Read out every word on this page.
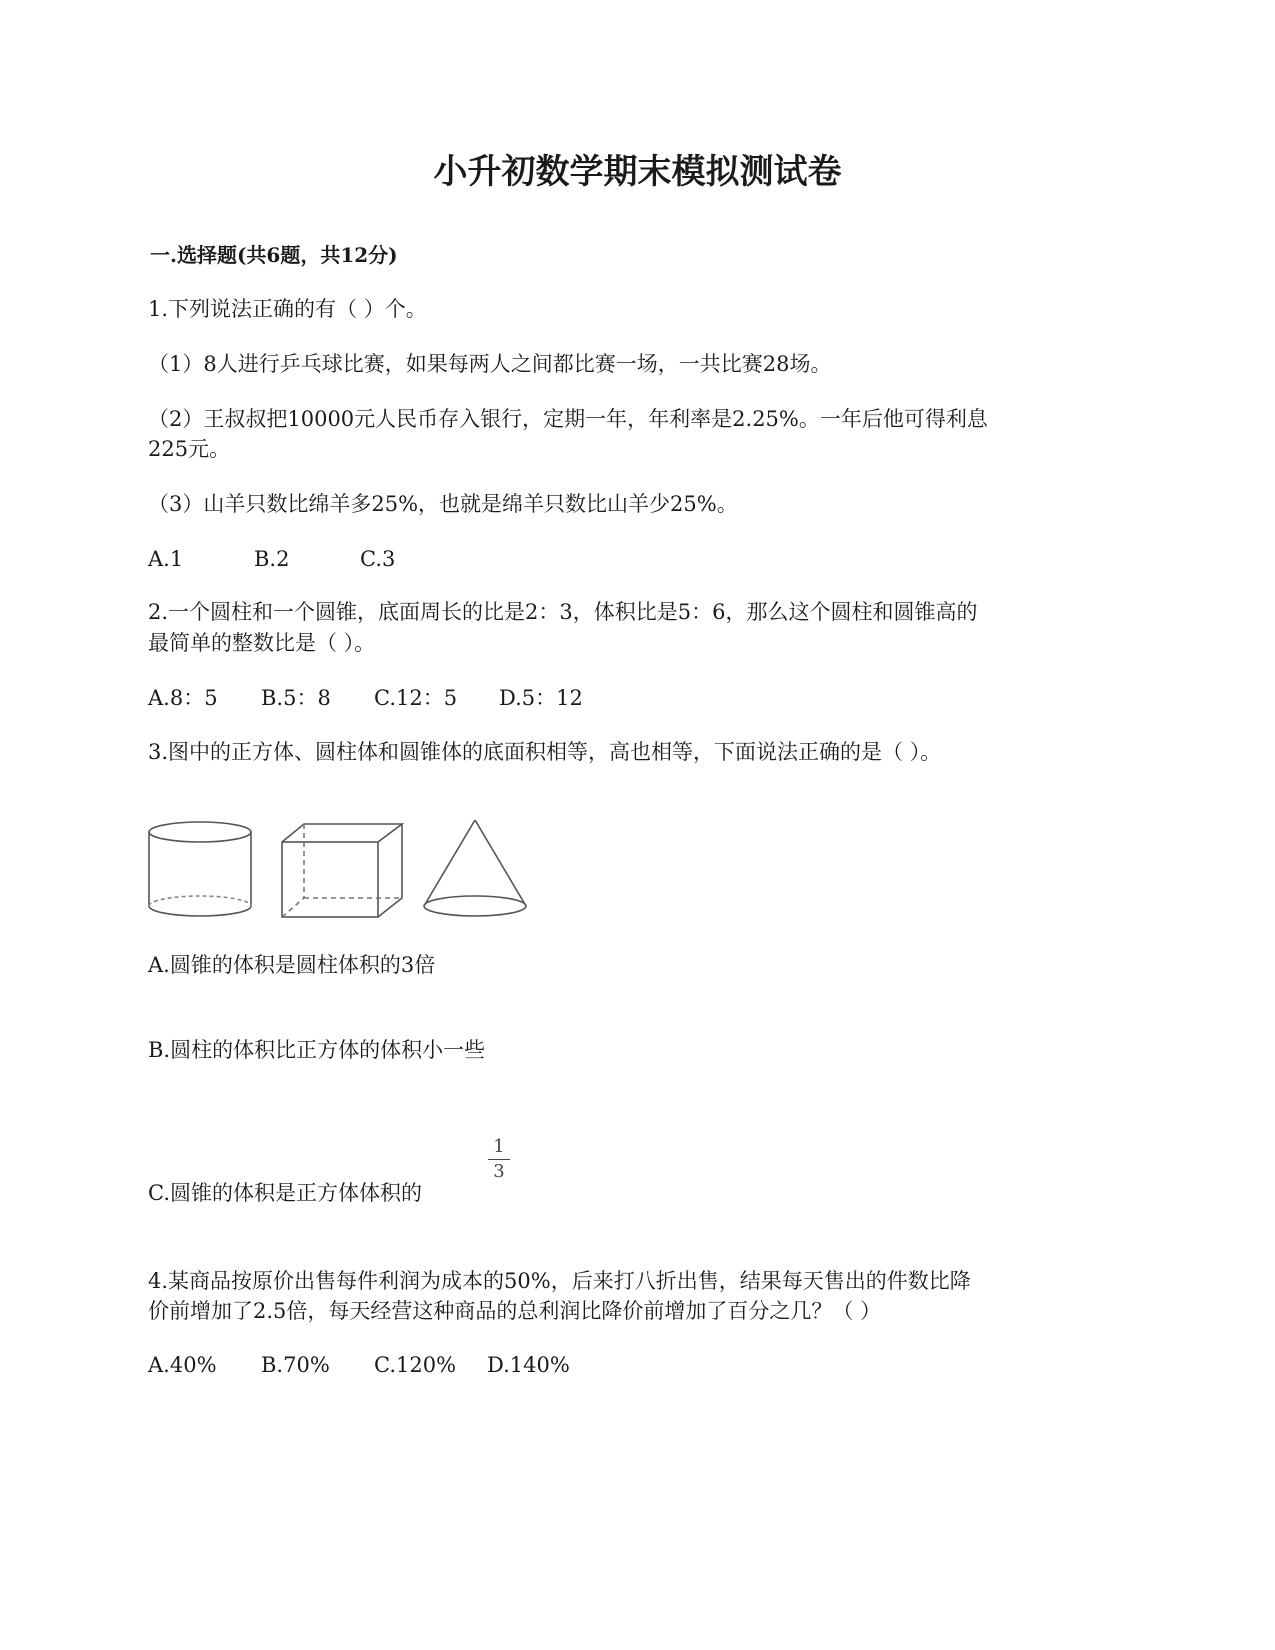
小升初数学期末模拟测试卷
一.选择题(共6题，共12分)
1.下列说法正确的有（ ）个。
（1）8人进行乒乓球比赛，如果每两人之间都比赛一场，一共比赛28场。
（2）王叔叔把10000元人民币存入银行，定期一年，年利率是2.25%。一年后他可得利息
225元。
（3）山羊只数比绵羊多25%，也就是绵羊只数比山羊少25%。
A.1	B.2	C.3
2.一个圆柱和一个圆锥，底面周长的比是2：3，体积比是5：6，那么这个圆柱和圆锥高的
最简单的整数比是（ ）。
A.8：5 B.5：8 C.12：5 D.5：12
3.图中的正方体、圆柱体和圆锥体的底面积相等，高也相等，下面说法正确的是（ ）。
A.圆锥的体积是圆柱体积的3倍
B.圆柱的体积比正方体的体积小一些
C.圆锥的体积是正方体体积的
1
3
4.某商品按原价出售每件利润为成本的50%，后来打八折出售，结果每天售出的件数比降
价前增加了2.5倍，每天经营这种商品的总利润比降价前增加了百分之几？（ ）
A.40% B.70% C.120% D.140%
